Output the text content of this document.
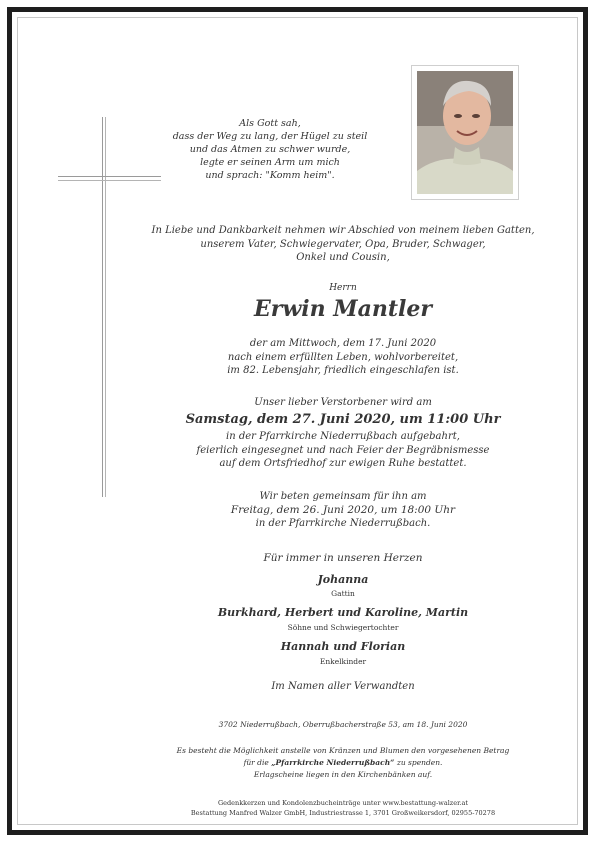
Als Gott sah,
dass der Weg zu lang, der Hügel zu steil
und das Atmen zu schwer wurde,
legte er seinen Arm um mich
und sprach: "Komm heim".
In Liebe und Dankbarkeit nehmen wir Abschied von meinem lieben Gatten,
unserem Vater, Schwiegervater, Opa, Bruder, Schwager,
Onkel und Cousin,
Herrn
Erwin Mantler
der am Mittwoch, dem 17. Juni 2020
nach einem erfüllten Leben, wohlvorbereitet,
im 82. Lebensjahr, friedlich eingeschlafen ist.
Unser lieber Verstorbener wird am
Samstag, dem 27. Juni 2020, um 11:00 Uhr
in der Pfarrkirche Niederrußbach aufgebahrt,
feierlich eingesegnet und nach Feier der Begräbnismesse
auf dem Ortsfriedhof zur ewigen Ruhe bestattet.
Wir beten gemeinsam für ihn am
Freitag, dem 26. Juni 2020, um 18:00 Uhr
in der Pfarrkirche Niederrußbach.
Für immer in unseren Herzen
Johanna
Gattin
Burkhard, Herbert und Karoline, Martin
Söhne und Schwiegertochter
Hannah und Florian
Enkelkinder
Im Namen aller Verwandten
3702 Niederrußbach, Oberrußbacherstraße 53, am 18. Juni 2020
Es besteht die Möglichkeit anstelle von Kränzen und Blumen den vorgesehenen Betrag
für die „Pfarrkirche Niederrußbach“ zu spenden.
Erlagscheine liegen in den Kirchenbänken auf.
Gedenkkerzen und Kondolenzbucheinträge unter www.bestattung-walzer.at
Bestattung Manfred Walzer GmbH, Industriestrasse 1, 3701 Großweikersdorf, 02955-70278
